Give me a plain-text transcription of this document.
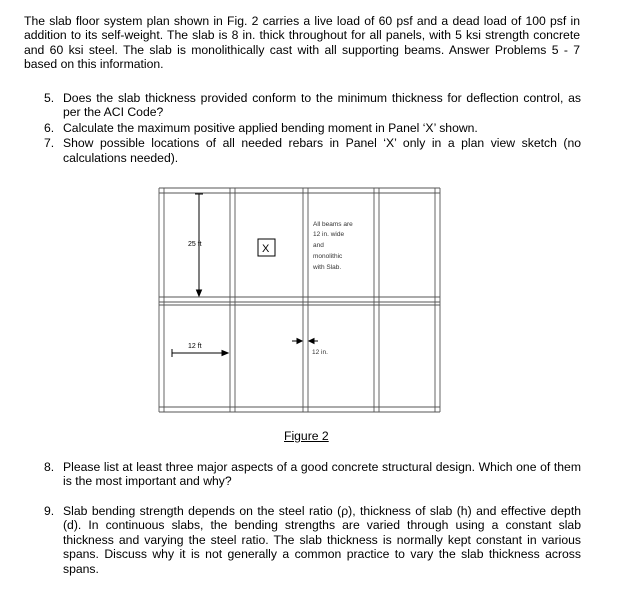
The slab floor system plan shown in Fig. 2 carries a live load of 60 psf and a dead load of 100 psf in addition to its self-weight. The slab is 8 in. thick throughout for all panels, with 5 ksi strength concrete and 60 ksi steel. The slab is monolithically cast with all supporting beams. Answer Problems 5 - 7 based on this information.
5. Does the slab thickness provided conform to the minimum thickness for deflection control, as per the ACI Code?
6. Calculate the maximum positive applied bending moment in Panel ‘X’ shown.
7. Show possible locations of all needed rebars in Panel ‘X’ only in a plan view sketch (no calculations needed).
25 ft
12 ft
X
12 in.
All beams are
12 in. wide
and
monolithic
with Slab.
Figure 2
8. Please list at least three major aspects of a good concrete structural design. Which one of them is the most important and why?
9. Slab bending strength depends on the steel ratio (ρ), thickness of slab (h) and effective depth (d). In continuous slabs, the bending strengths are varied through using a constant slab thickness and varying the steel ratio. The slab thickness is normally kept constant in various spans. Discuss why it is not generally a common practice to vary the slab thickness across spans.
